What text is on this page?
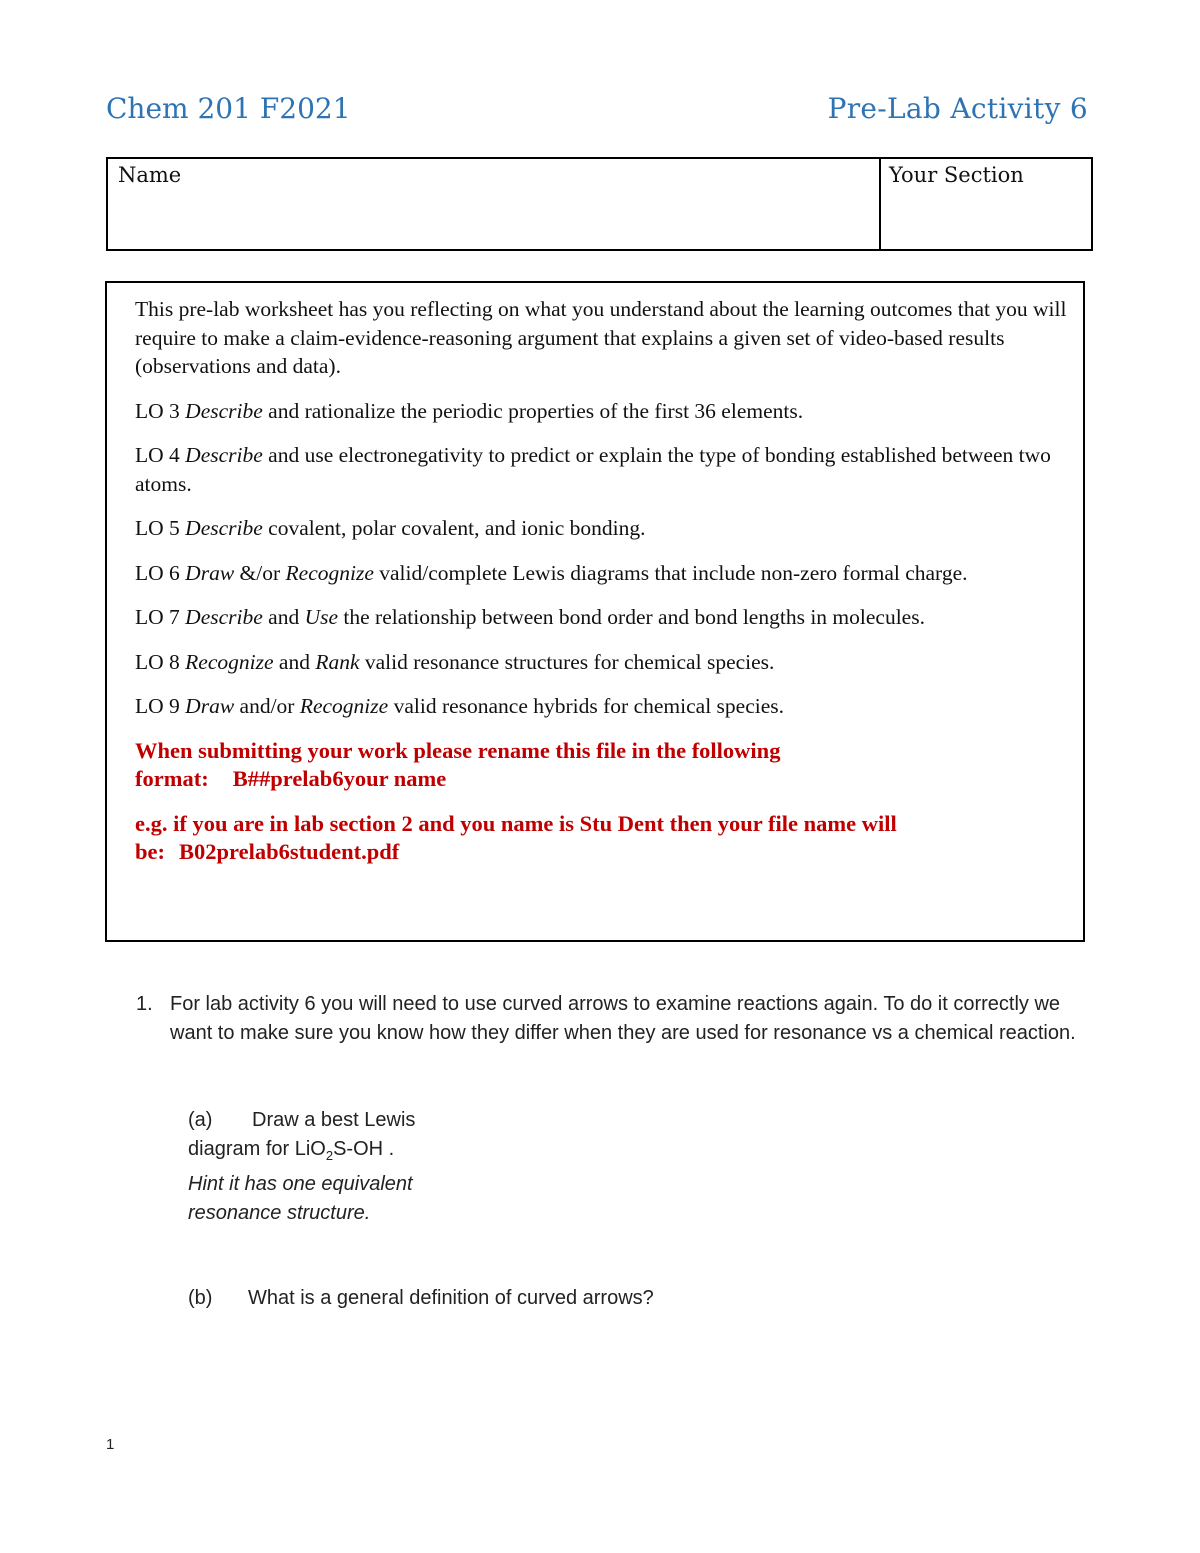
Chem 201 F2021	Pre-Lab Activity 6
Name	Your Section

This pre-lab worksheet has you reflecting on what you understand about the learning outcomes that you will require to make a claim-evidence-reasoning argument that explains a given set of video-based results (observations and data).

LO 3 Describe and rationalize the periodic properties of the first 36 elements.

LO 4 Describe and use electronegativity to predict or explain the type of bonding established between two atoms.

LO 5 Describe covalent, polar covalent, and ionic bonding.

LO 6 Draw &/or Recognize valid/complete Lewis diagrams that include non-zero formal charge.

LO 7 Describe and Use the relationship between bond order and bond lengths in molecules.

LO 8 Recognize and Rank valid resonance structures for chemical species.

LO 9 Draw and/or Recognize valid resonance hybrids for chemical species.

When submitting your work please rename this file in the following
format: B##prelab6your name

e.g. if you are in lab section 2 and you name is Stu Dent then your file name will
be: B02prelab6student.pdf

1. For lab activity 6 you will need to use curved arrows to examine reactions again. To do it correctly we want to make sure you know how they differ when they are used for resonance vs a chemical reaction.
(a) Draw a best Lewis
diagram for LiO$_2$S-OH .
Hint it has one equivalent
resonance structure.
(b) What is a general definition of curved arrows?
1
